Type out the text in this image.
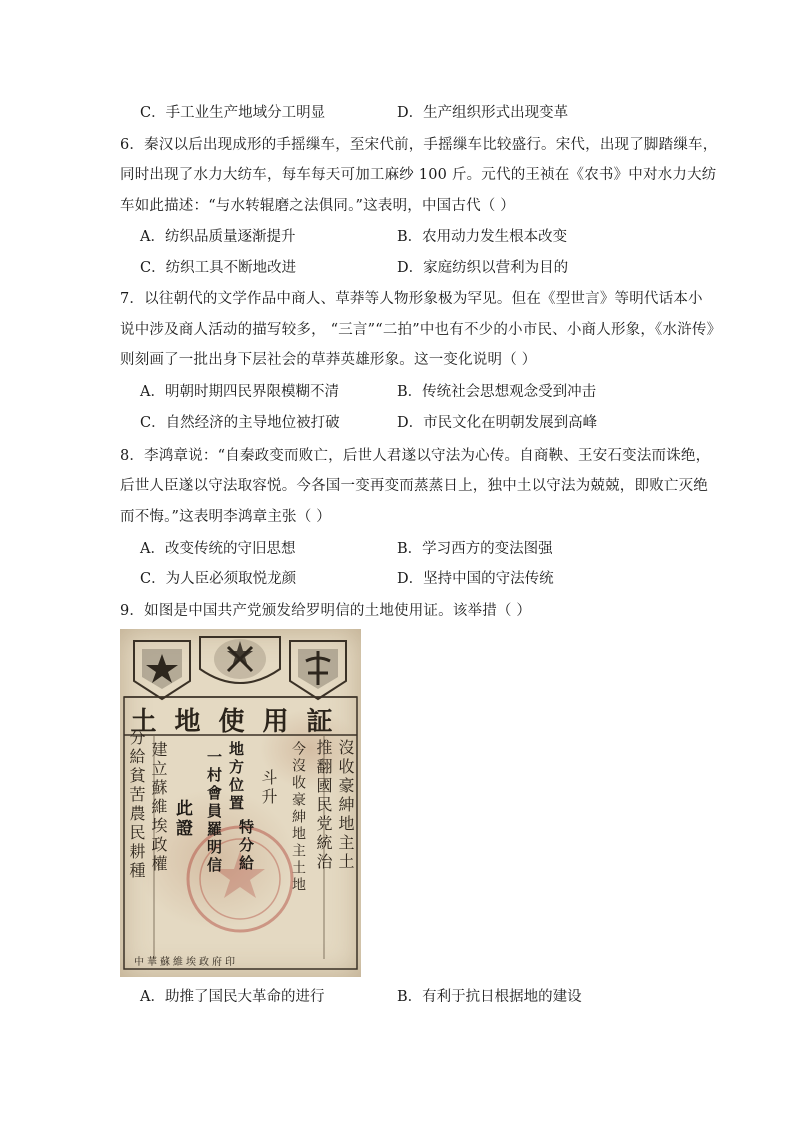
C．手工业生产地域分工明显	D．生产组织形式出现变革
6．秦汉以后出现成形的手摇缫车，至宋代前，手摇缫车比较盛行。宋代，出现了脚踏缫车，
同时出现了水力大纺车，每车每天可加工麻纱 100 斤。元代的王祯在《农书》中对水力大纺
车如此描述：“与水转辊磨之法俱同。”这表明，中国古代（ ）
A．纺织品质量逐渐提升	B．农用动力发生根本改变
C．纺织工具不断地改进	D．家庭纺织以营利为目的
7．以往朝代的文学作品中商人、草莽等人物形象极为罕见。但在《型世言》等明代话本小
说中涉及商人活动的描写较多， “三言”“二拍”中也有不少的小市民、小商人形象，《水浒传》
则刻画了一批出身下层社会的草莽英雄形象。这一变化说明（ ）
A．明朝时期四民界限模糊不清	B．传统社会思想观念受到冲击
C．自然经济的主导地位被打破	D．市民文化在明朝发展到高峰
8．李鸿章说：“自秦政变而败亡，后世人君遂以守法为心传。自商鞅、王安石变法而诛绝，
后世人臣遂以守法取容悦。今各国一变再变而蒸蒸日上，独中土以守法为兢兢，即败亡灭绝
而不悔。”这表明李鸿章主张（ ）
A．改变传统的守旧思想	B．学习西方的变法图强
C．为人臣必须取悦龙颜	D．坚持中国的守法传统
9．如图是中国共产党颁发给罗明信的土地使用证。该举措（ ）
土地使用証
沒收豪紳地主土
推翻國民党統治
今沒收豪紳地主土地
地方位置
一村會員羅明信 斗升
特分給
此證
建立蘇維埃政權
分給貧苦農民耕種
中華蘇維埃政府印
A．助推了国民大革命的进行	B．有利于抗日根据地的建设
